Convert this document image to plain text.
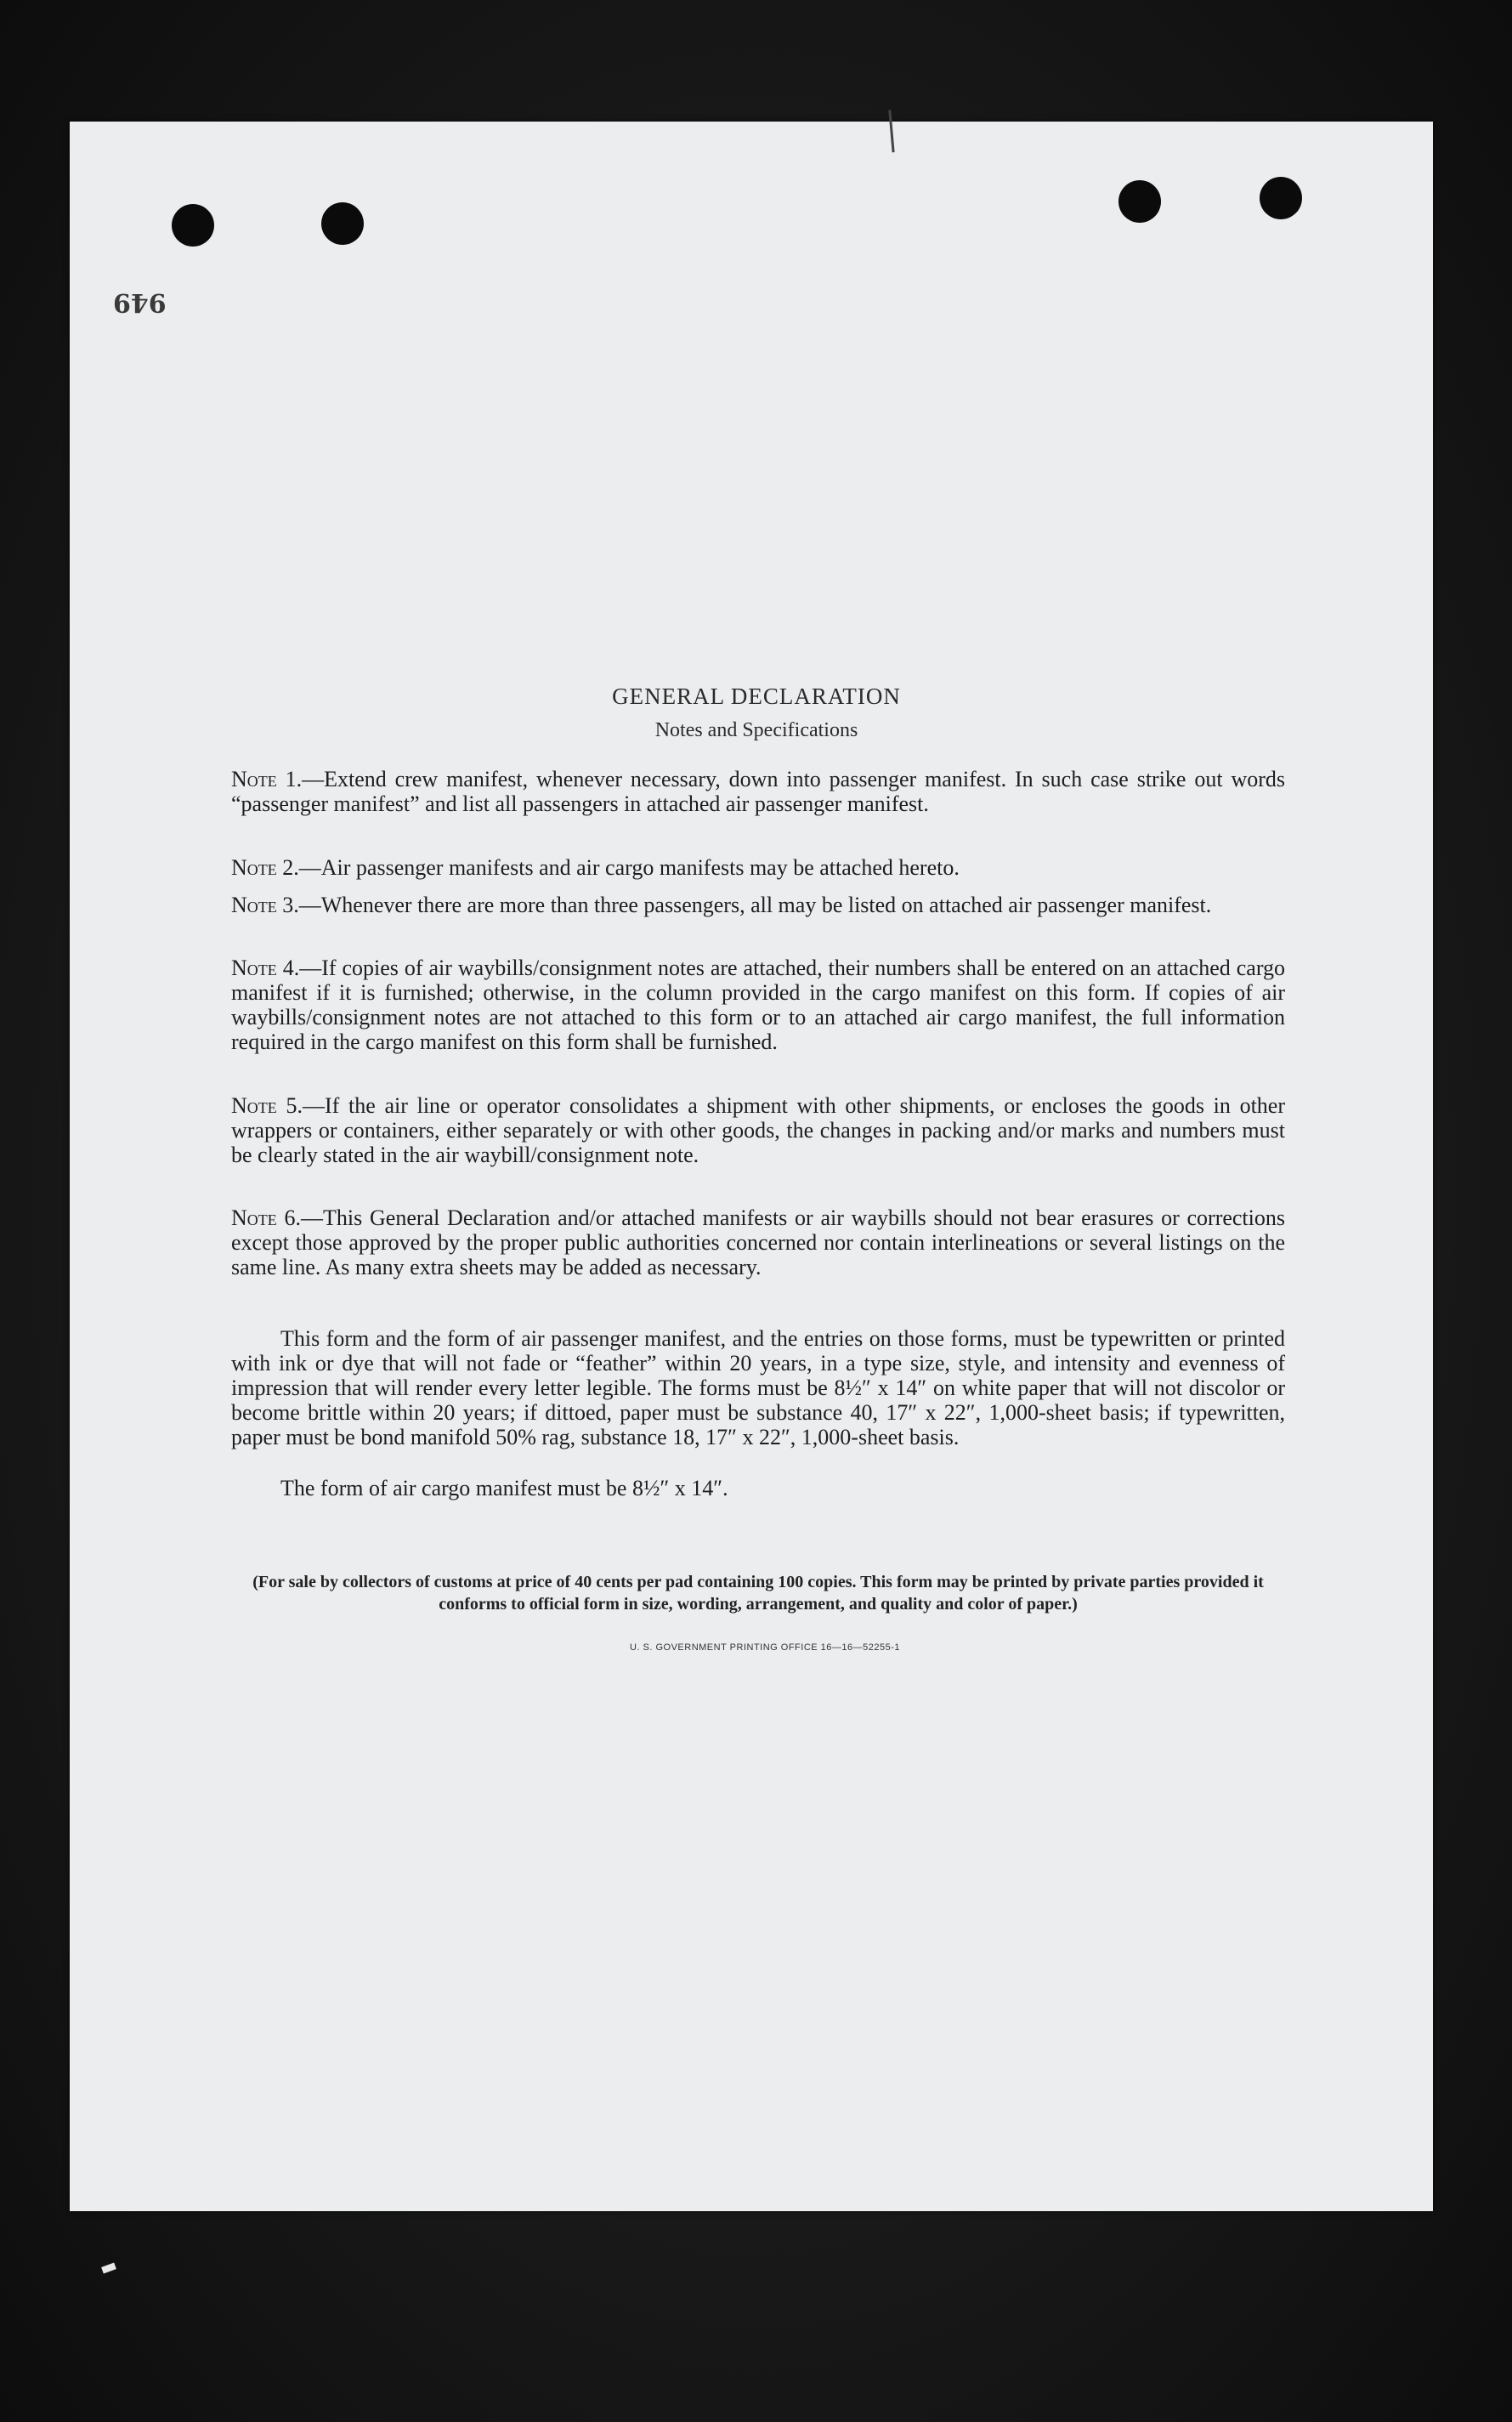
949
GENERAL DECLARATION
Notes and Specifications
Note 1.—Extend crew manifest, whenever necessary, down into passenger manifest. In such case strike out words “passenger manifest” and list all passengers in attached air passenger manifest.
Note 2.—Air passenger manifests and air cargo manifests may be attached hereto.
Note 3.—Whenever there are more than three passengers, all may be listed on attached air passenger manifest.
Note 4.—If copies of air waybills/consignment notes are attached, their numbers shall be entered on an attached cargo manifest if it is furnished; otherwise, in the column provided in the cargo manifest on this form. If copies of air waybills/consignment notes are not attached to this form or to an attached air cargo manifest, the full information required in the cargo manifest on this form shall be furnished.
Note 5.—If the air line or operator consolidates a shipment with other shipments, or encloses the goods in other wrappers or containers, either separately or with other goods, the changes in packing and/or marks and numbers must be clearly stated in the air waybill/consignment note.
Note 6.—This General Declaration and/or attached manifests or air waybills should not bear erasures or corrections except those approved by the proper public authorities concerned nor contain interlineations or several listings on the same line. As many extra sheets may be added as necessary.
This form and the form of air passenger manifest, and the entries on those forms, must be typewritten or printed with ink or dye that will not fade or “feather” within 20 years, in a type size, style, and intensity and evenness of impression that will render every letter legible. The forms must be 8½″ x 14″ on white paper that will not discolor or become brittle within 20 years; if dittoed, paper must be substance 40, 17″ x 22″, 1,000-sheet basis; if typewritten, paper must be bond manifold 50% rag, substance 18, 17″ x 22″, 1,000-sheet basis.
The form of air cargo manifest must be 8½″ x 14″.
(For sale by collectors of customs at price of 40 cents per pad containing 100 copies. This form may be printed by private parties provided it conforms to official form in size, wording, arrangement, and quality and color of paper.)
U. S. GOVERNMENT PRINTING OFFICE 16—16—52255-1
